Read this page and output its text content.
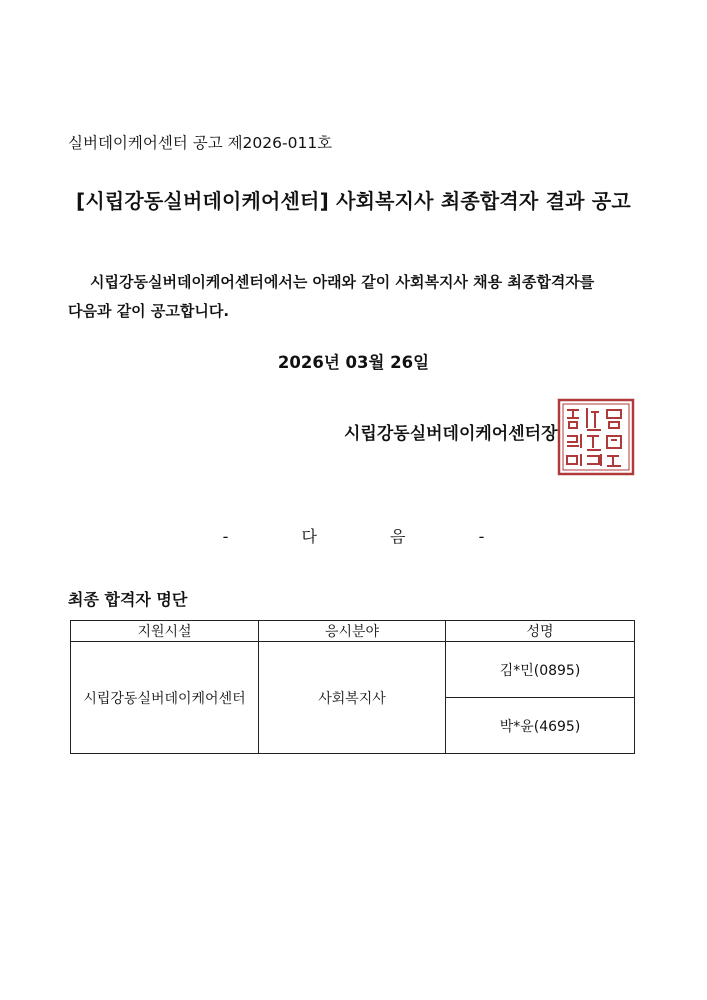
실버데이케어센터 공고 제2026-011호
[시립강동실버데이케어센터] 사회복지사 최종합격자 결과 공고
시립강동실버데이케어센터에서는 아래와 같이 사회복지사 채용 최종합격자를
다음과 같이 공고합니다.
2026년 03월 26일
시립강동실버데이케어센터장
-	다	음	-
최종 합격자 명단
지원시설	응시분야	성명
시립강동실버데이케어센터	사회복지사	김*민(0895)
		박*윤(4695)
